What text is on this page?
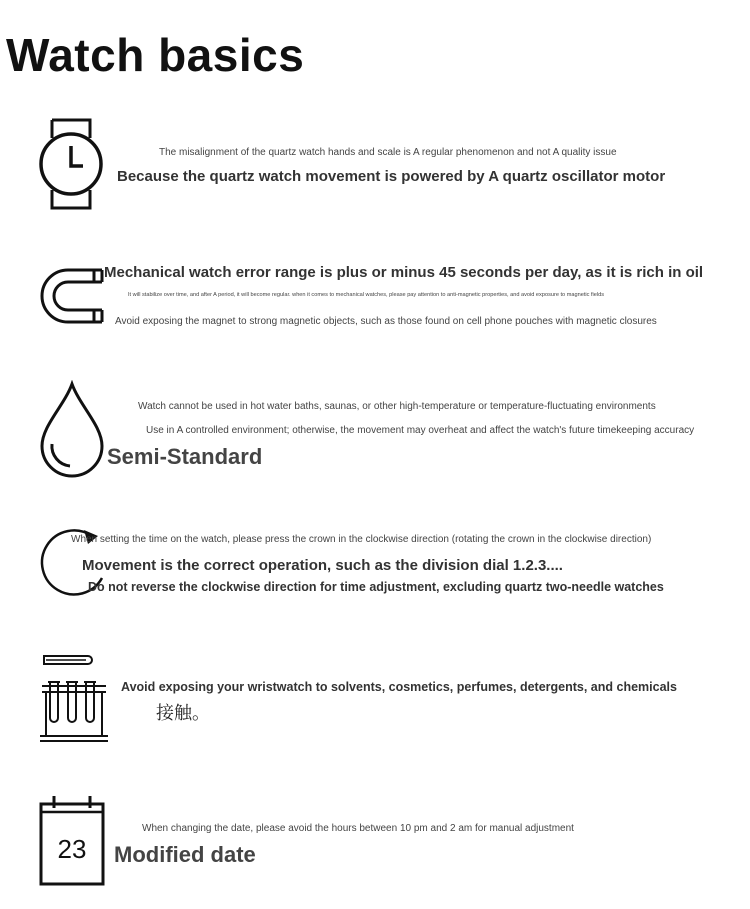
Watch basics
The misalignment of the quartz watch hands and scale is A regular phenomenon and not A quality issue
Because the quartz watch movement is powered by A quartz oscillator motor
Mechanical watch error range is plus or minus 45 seconds per day, as it is rich in oil
It will stabilize over time, and after A period, it will become regular. when it comes to mechanical watches, please pay attention to anti-magnetic properties, and avoid exposure to magnetic fields
Avoid exposing the magnet to strong magnetic objects, such as those found on cell phone pouches with magnetic closures
Watch cannot be used in hot water baths, saunas, or other high-temperature or temperature-fluctuating environments
Use in A controlled environment; otherwise, the movement may overheat and affect the watch's future timekeeping accuracy
Semi-Standard
When setting the time on the watch, please press the crown in the clockwise direction (rotating the crown in the clockwise direction)
Movement is the correct operation, such as the division dial 1.2.3....
Do not reverse the clockwise direction for time adjustment, excluding quartz two-needle watches
Avoid exposing your wristwatch to solvents, cosmetics, perfumes, detergents, and chemicals
接触。
23
When changing the date, please avoid the hours between 10 pm and 2 am for manual adjustment
Modified date
